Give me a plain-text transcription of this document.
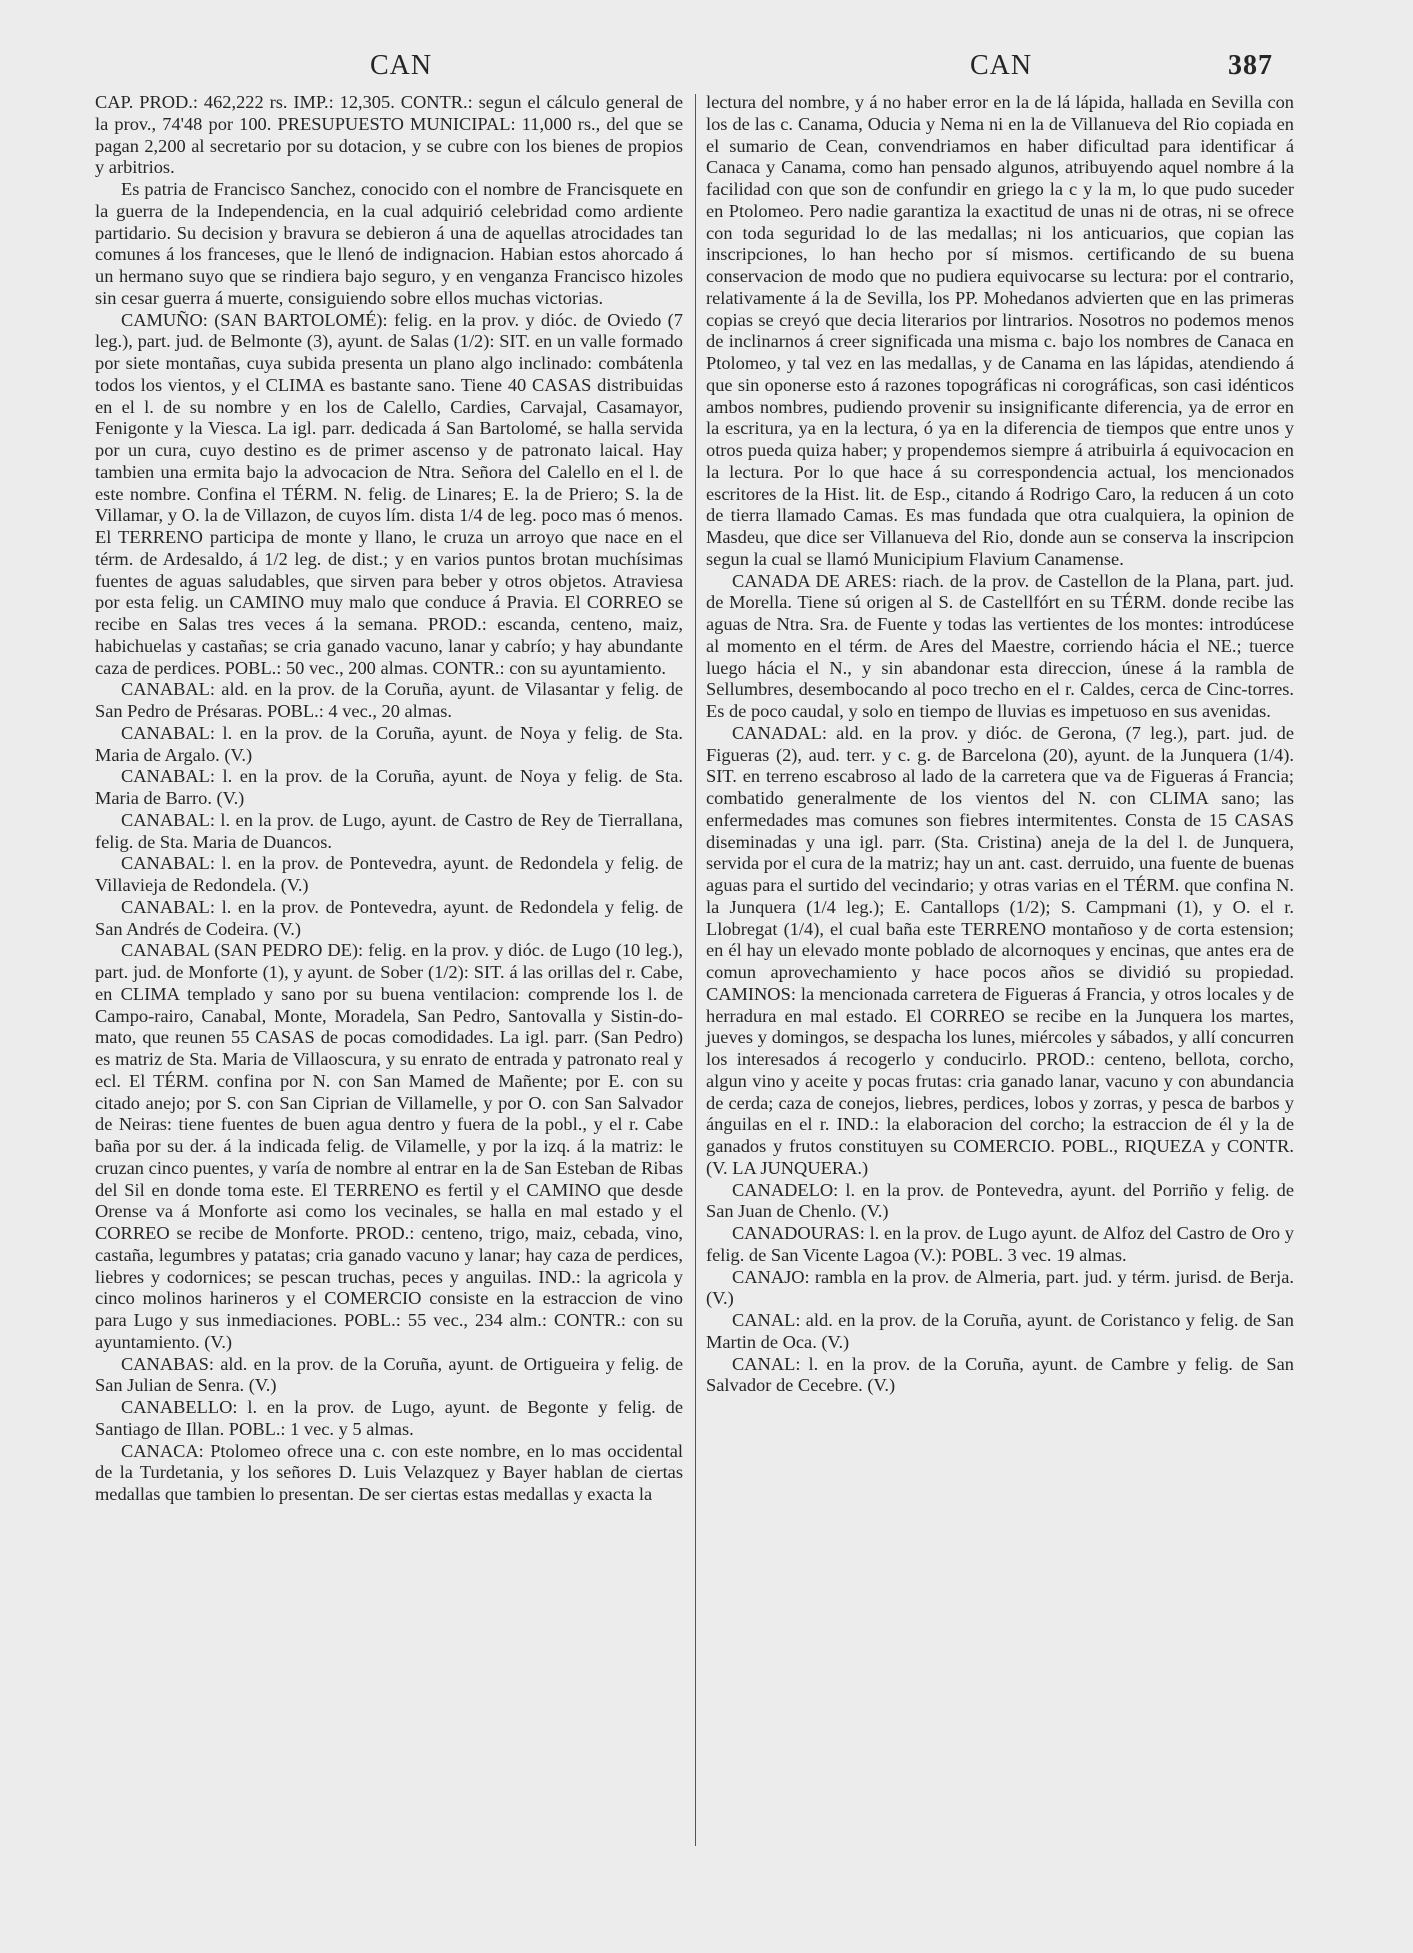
CAN	CAN	387

CAP. PROD.: 462,222 rs. IMP.: 12,305. CONTR.: segun el cálculo general de la prov., 74'48 por 100. PRESUPUESTO MUNICIPAL: 11,000 rs., del que se pagan 2,200 al secretario por su dotacion, y se cubre con los bienes de propios y arbitrios.

Es patria de Francisco Sanchez, conocido con el nombre de Francisquete en la guerra de la Independencia, en la cual adquirió celebridad como ardiente partidario. Su decision y bravura se debieron á una de aquellas atrocidades tan comunes á los franceses, que le llenó de indignacion. Habian estos ahorcado á un hermano suyo que se rindiera bajo seguro, y en venganza Francisco hizoles sin cesar guerra á muerte, consiguiendo sobre ellos muchas victorias.

CAMUÑO: (SAN BARTOLOMÉ): felig. en la prov. y dióc. de Oviedo (7 leg.), part. jud. de Belmonte (3), ayunt. de Salas (1/2): SIT. en un valle formado por siete montañas, cuya subida presenta un plano algo inclinado: combátenla todos los vientos, y el CLIMA es bastante sano. Tiene 40 CASAS distribuidas en el l. de su nombre y en los de Calello, Cardies, Carvajal, Casamayor, Fenigonte y la Viesca. La igl. parr. dedicada á San Bartolomé, se halla servida por un cura, cuyo destino es de primer ascenso y de patronato laical. Hay tambien una ermita bajo la advocacion de Ntra. Señora del Calello en el l. de este nombre. Confina el TÉRM. N. felig. de Linares; E. la de Priero; S. la de Villamar, y O. la de Villazon, de cuyos lím. dista 1/4 de leg. poco mas ó menos. El TERRENO participa de monte y llano, le cruza un arroyo que nace en el térm. de Ardesaldo, á 1/2 leg. de dist.; y en varios puntos brotan muchísimas fuentes de aguas saludables, que sirven para beber y otros objetos. Atraviesa por esta felig. un CAMINO muy malo que conduce á Pravia. El CORREO se recibe en Salas tres veces á la semana. PROD.: escanda, centeno, maiz, habichuelas y castañas; se cria ganado vacuno, lanar y cabrío; y hay abundante caza de perdices. POBL.: 50 vec., 200 almas. CONTR.: con su ayuntamiento.

CANABAL: ald. en la prov. de la Coruña, ayunt. de Vilasantar y felig. de San Pedro de Présaras. POBL.: 4 vec., 20 almas.

CANABAL: l. en la prov. de la Coruña, ayunt. de Noya y felig. de Sta. Maria de Argalo. (V.)

CANABAL: l. en la prov. de la Coruña, ayunt. de Noya y felig. de Sta. Maria de Barro. (V.)

CANABAL: l. en la prov. de Lugo, ayunt. de Castro de Rey de Tierrallana, felig. de Sta. Maria de Duancos.

CANABAL: l. en la prov. de Pontevedra, ayunt. de Redondela y felig. de Villavieja de Redondela. (V.)

CANABAL: l. en la prov. de Pontevedra, ayunt. de Redondela y felig. de San Andrés de Codeira. (V.)

CANABAL (SAN PEDRO DE): felig. en la prov. y dióc. de Lugo (10 leg.), part. jud. de Monforte (1), y ayunt. de Sober (1/2): SIT. á las orillas del r. Cabe, en CLIMA templado y sano por su buena ventilacion: comprende los l. de Campo-rairo, Canabal, Monte, Moradela, San Pedro, Santovalla y Sistin-do-mato, que reunen 55 CASAS de pocas comodidades. La igl. parr. (San Pedro) es matriz de Sta. Maria de Villaoscura, y su enrato de entrada y patronato real y ecl. El TÉRM. confina por N. con San Mamed de Mañente; por E. con su citado anejo; por S. con San Ciprian de Villamelle, y por O. con San Salvador de Neiras: tiene fuentes de buen agua dentro y fuera de la pobl., y el r. Cabe baña por su der. á la indicada felig. de Vilamelle, y por la izq. á la matriz: le cruzan cinco puentes, y varía de nombre al entrar en la de San Esteban de Ribas del Sil en donde toma este. El TERRENO es fertil y el CAMINO que desde Orense va á Monforte asi como los vecinales, se halla en mal estado y el CORREO se recibe de Monforte. PROD.: centeno, trigo, maiz, cebada, vino, castaña, legumbres y patatas; cria ganado vacuno y lanar; hay caza de perdices, liebres y codornices; se pescan truchas, peces y anguilas. IND.: la agricola y cinco molinos harineros y el COMERCIO consiste en la estraccion de vino para Lugo y sus inmediaciones. POBL.: 55 vec., 234 alm.: CONTR.: con su ayuntamiento. (V.)

CANABAS: ald. en la prov. de la Coruña, ayunt. de Ortigueira y felig. de San Julian de Senra. (V.)

CANABELLO: l. en la prov. de Lugo, ayunt. de Begonte y felig. de Santiago de Illan. POBL.: 1 vec. y 5 almas.

CANACA: Ptolomeo ofrece una c. con este nombre, en lo mas occidental de la Turdetania, y los señores D. Luis Velazquez y Bayer hablan de ciertas medallas que tambien lo presentan. De ser ciertas estas medallas y exacta la

lectura del nombre, y á no haber error en la de lá lápida, hallada en Sevilla con los de las c. Canama, Oducia y Nema ni en la de Villanueva del Rio copiada en el sumario de Cean, convendriamos en haber dificultad para identificar á Canaca y Canama, como han pensado algunos, atribuyendo aquel nombre á la facilidad con que son de confundir en griego la c y la m, lo que pudo suceder en Ptolomeo. Pero nadie garantiza la exactitud de unas ni de otras, ni se ofrece con toda seguridad lo de las medallas; ni los anticuarios, que copian las inscripciones, lo han hecho por sí mismos. certificando de su buena conservacion de modo que no pudiera equivocarse su lectura: por el contrario, relativamente á la de Sevilla, los PP. Mohedanos advierten que en las primeras copias se creyó que decia literarios por lintrarios. Nosotros no podemos menos de inclinarnos á creer significada una misma c. bajo los nombres de Canaca en Ptolomeo, y tal vez en las medallas, y de Canama en las lápidas, atendiendo á que sin oponerse esto á razones topográficas ni corográficas, son casi idénticos ambos nombres, pudiendo provenir su insignificante diferencia, ya de error en la escritura, ya en la lectura, ó ya en la diferencia de tiempos que entre unos y otros pueda quiza haber; y propendemos siempre á atribuirla á equivocacion en la lectura. Por lo que hace á su correspondencia actual, los mencionados escritores de la Hist. lit. de Esp., citando á Rodrigo Caro, la reducen á un coto de tierra llamado Camas. Es mas fundada que otra cualquiera, la opinion de Masdeu, que dice ser Villanueva del Rio, donde aun se conserva la inscripcion segun la cual se llamó Municipium Flavium Canamense.

CANADA DE ARES: riach. de la prov. de Castellon de la Plana, part. jud. de Morella. Tiene sú origen al S. de Castellfórt en su TÉRM. donde recibe las aguas de Ntra. Sra. de Fuente y todas las vertientes de los montes: introdúcese al momento en el térm. de Ares del Maestre, corriendo hácia el NE.; tuerce luego hácia el N., y sin abandonar esta direccion, únese á la rambla de Sellumbres, desembocando al poco trecho en el r. Caldes, cerca de Cinc-torres. Es de poco caudal, y solo en tiempo de lluvias es impetuoso en sus avenidas.

CANADAL: ald. en la prov. y dióc. de Gerona, (7 leg.), part. jud. de Figueras (2), aud. terr. y c. g. de Barcelona (20), ayunt. de la Junquera (1/4). SIT. en terreno escabroso al lado de la carretera que va de Figueras á Francia; combatido generalmente de los vientos del N. con CLIMA sano; las enfermedades mas comunes son fiebres intermitentes. Consta de 15 CASAS diseminadas y una igl. parr. (Sta. Cristina) aneja de la del l. de Junquera, servida por el cura de la matriz; hay un ant. cast. derruido, una fuente de buenas aguas para el surtido del vecindario; y otras varias en el TÉRM. que confina N. la Junquera (1/4 leg.); E. Cantallops (1/2); S. Campmani (1), y O. el r. Llobregat (1/4), el cual baña este TERRENO montañoso y de corta estension; en él hay un elevado monte poblado de alcornoques y encinas, que antes era de comun aprovechamiento y hace pocos años se dividió su propiedad. CAMINOS: la mencionada carretera de Figueras á Francia, y otros locales y de herradura en mal estado. El CORREO se recibe en la Junquera los martes, jueves y domingos, se despacha los lunes, miércoles y sábados, y allí concurren los interesados á recogerlo y conducirlo. PROD.: centeno, bellota, corcho, algun vino y aceite y pocas frutas: cria ganado lanar, vacuno y con abundancia de cerda; caza de conejos, liebres, perdices, lobos y zorras, y pesca de barbos y ánguilas en el r. IND.: la elaboracion del corcho; la estraccion de él y la de ganados y frutos constituyen su COMERCIO. POBL., RIQUEZA y CONTR. (V. LA JUNQUERA.)

CANADELO: l. en la prov. de Pontevedra, ayunt. del Porriño y felig. de San Juan de Chenlo. (V.)

CANADOURAS: l. en la prov. de Lugo ayunt. de Alfoz del Castro de Oro y felig. de San Vicente Lagoa (V.): POBL. 3 vec. 19 almas.

CANAJO: rambla en la prov. de Almeria, part. jud. y térm. jurisd. de Berja. (V.)

CANAL: ald. en la prov. de la Coruña, ayunt. de Coristanco y felig. de San Martin de Oca. (V.)

CANAL: l. en la prov. de la Coruña, ayunt. de Cambre y felig. de San Salvador de Cecebre. (V.)
